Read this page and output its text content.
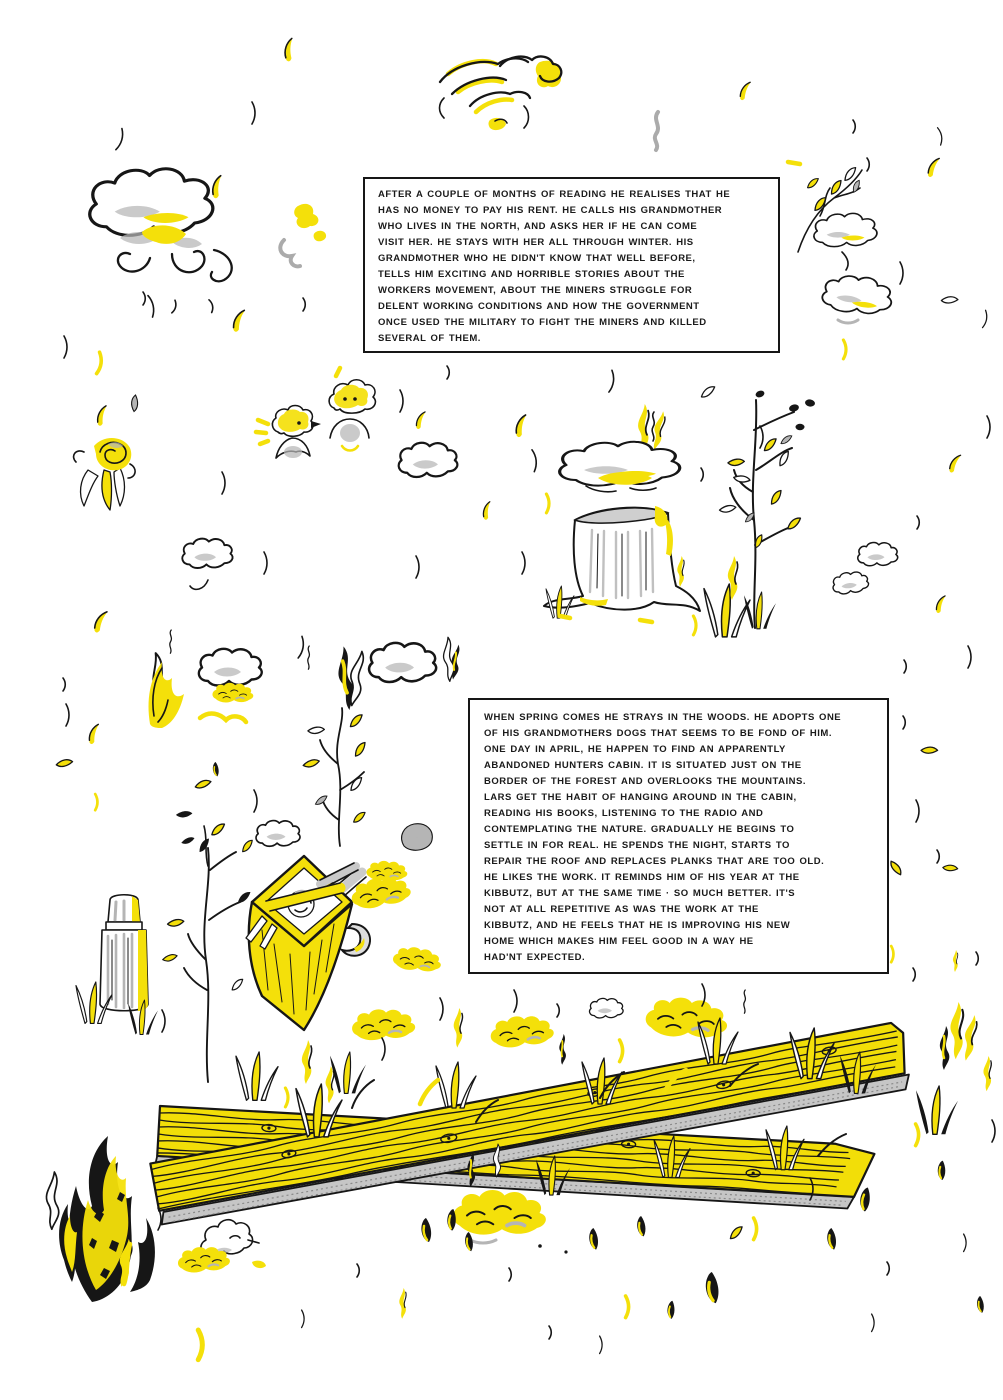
AFTER A COUPLE OF MONTHS OF READING HE REALISES THAT HE
HAS NO MONEY TO PAY HIS RENT. HE CALLS HIS GRANDMOTHER
WHO LIVES IN THE NORTH, AND ASKS HER IF HE CAN COME
VISIT HER. HE STAYS WITH HER ALL THROUGH WINTER. HIS
GRANDMOTHER WHO HE DIDN'T KNOW THAT WELL BEFORE,
TELLS HIM EXCITING AND HORRIBLE STORIES ABOUT THE
WORKERS MOVEMENT, ABOUT THE MINERS STRUGGLE FOR
DELENT WORKING CONDITIONS AND HOW THE GOVERNMENT
ONCE USED THE MILITARY TO FIGHT THE MINERS AND KILLED
SEVERAL OF THEM.
WHEN SPRING COMES HE STRAYS IN THE WOODS. HE ADOPTS ONE
OF HIS GRANDMOTHERS DOGS THAT SEEMS TO BE FOND OF HIM.
ONE DAY IN APRIL, HE HAPPEN TO FIND AN APPARENTLY
ABANDONED HUNTERS CABIN. IT IS SITUATED JUST ON THE
BORDER OF THE FOREST AND OVERLOOKS THE MOUNTAINS.
LARS GET THE HABIT OF HANGING AROUND IN THE CABIN,
READING HIS BOOKS, LISTENING TO THE RADIO AND
CONTEMPLATING THE NATURE. GRADUALLY HE BEGINS TO
SETTLE IN FOR REAL. HE SPENDS THE NIGHT, STARTS TO
REPAIR THE ROOF AND REPLACES PLANKS THAT ARE TOO OLD.
HE LIKES THE WORK. IT REMINDS HIM OF HIS YEAR AT THE
KIBBUTZ, BUT AT THE SAME TIME · SO MUCH BETTER. IT'S
NOT AT ALL REPETITIVE AS WAS THE WORK AT THE
KIBBUTZ, AND HE FEELS THAT HE IS IMPROVING HIS NEW
HOME WHICH MAKES HIM FEEL GOOD IN A WAY HE
HAD'NT EXPECTED.
